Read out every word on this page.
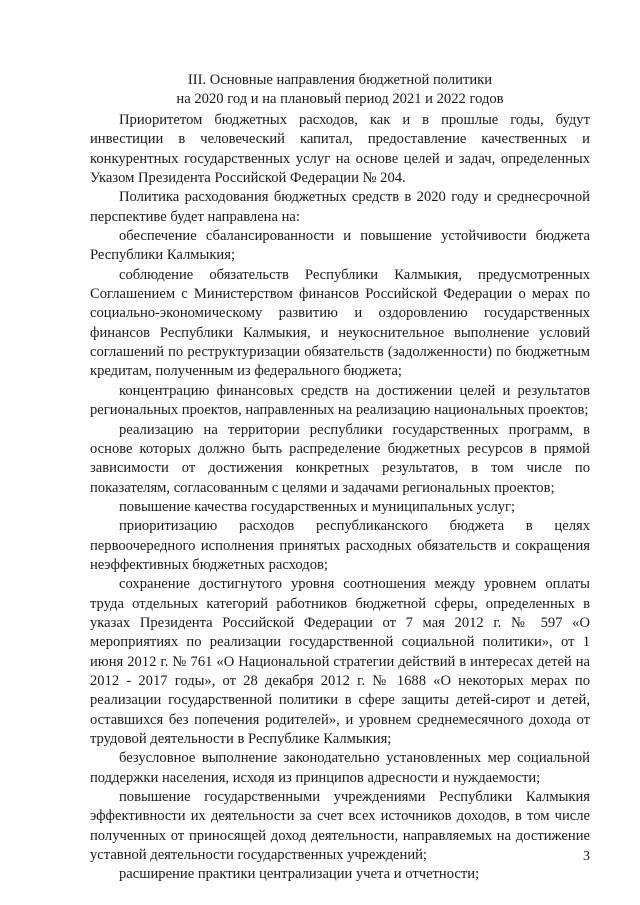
III. Основные направления бюджетной политики
на 2020 год и на плановый период 2021 и 2022 годов

Приоритетом бюджетных расходов, как и в прошлые годы, будут инвестиции в человеческий капитал, предоставление качественных и конкурентных государственных услуг на основе целей и задач, определенных Указом Президента Российской Федерации № 204.

Политика расходования бюджетных средств в 2020 году и среднесрочной перспективе будет направлена на:

обеспечение сбалансированности и повышение устойчивости бюджета Республики Калмыкия;

соблюдение обязательств Республики Калмыкия, предусмотренных Соглашением с Министерством финансов Российской Федерации о мерах по социально-экономическому развитию и оздоровлению государственных финансов Республики Калмыкия, и неукоснительное выполнение условий соглашений по реструктуризации обязательств (задолженности) по бюджетным кредитам, полученным из федерального бюджета;

концентрацию финансовых средств на достижении целей и результатов региональных проектов, направленных на реализацию национальных проектов;

реализацию на территории республики государственных программ, в основе которых должно быть распределение бюджетных ресурсов в прямой зависимости от достижения конкретных результатов, в том числе по показателям, согласованным с целями и задачами региональных проектов;

повышение качества государственных и муниципальных услуг;

приоритизацию расходов республиканского бюджета в целях первоочередного исполнения принятых расходных обязательств и сокращения неэффективных бюджетных расходов;

сохранение достигнутого уровня соотношения между уровнем оплаты труда отдельных категорий работников бюджетной сферы, определенных в указах Президента Российской Федерации от 7 мая 2012 г. № 597 «О мероприятиях по реализации государственной социальной политики», от 1 июня 2012 г. № 761 «О Национальной стратегии действий в интересах детей на 2012 - 2017 годы», от 28 декабря 2012 г. № 1688 «О некоторых мерах по реализации государственной политики в сфере защиты детей-сирот и детей, оставшихся без попечения родителей», и уровнем среднемесячного дохода от трудовой деятельности в Республике Калмыкия;

безусловное выполнение законодательно установленных мер социальной поддержки населения, исходя из принципов адресности и нуждаемости;

повышение государственными учреждениями Республики Калмыкия эффективности их деятельности за счет всех источников доходов, в том числе полученных от приносящей доход деятельности, направляемых на достижение уставной деятельности государственных учреждений;

расширение практики централизации учета и отчетности;

3
